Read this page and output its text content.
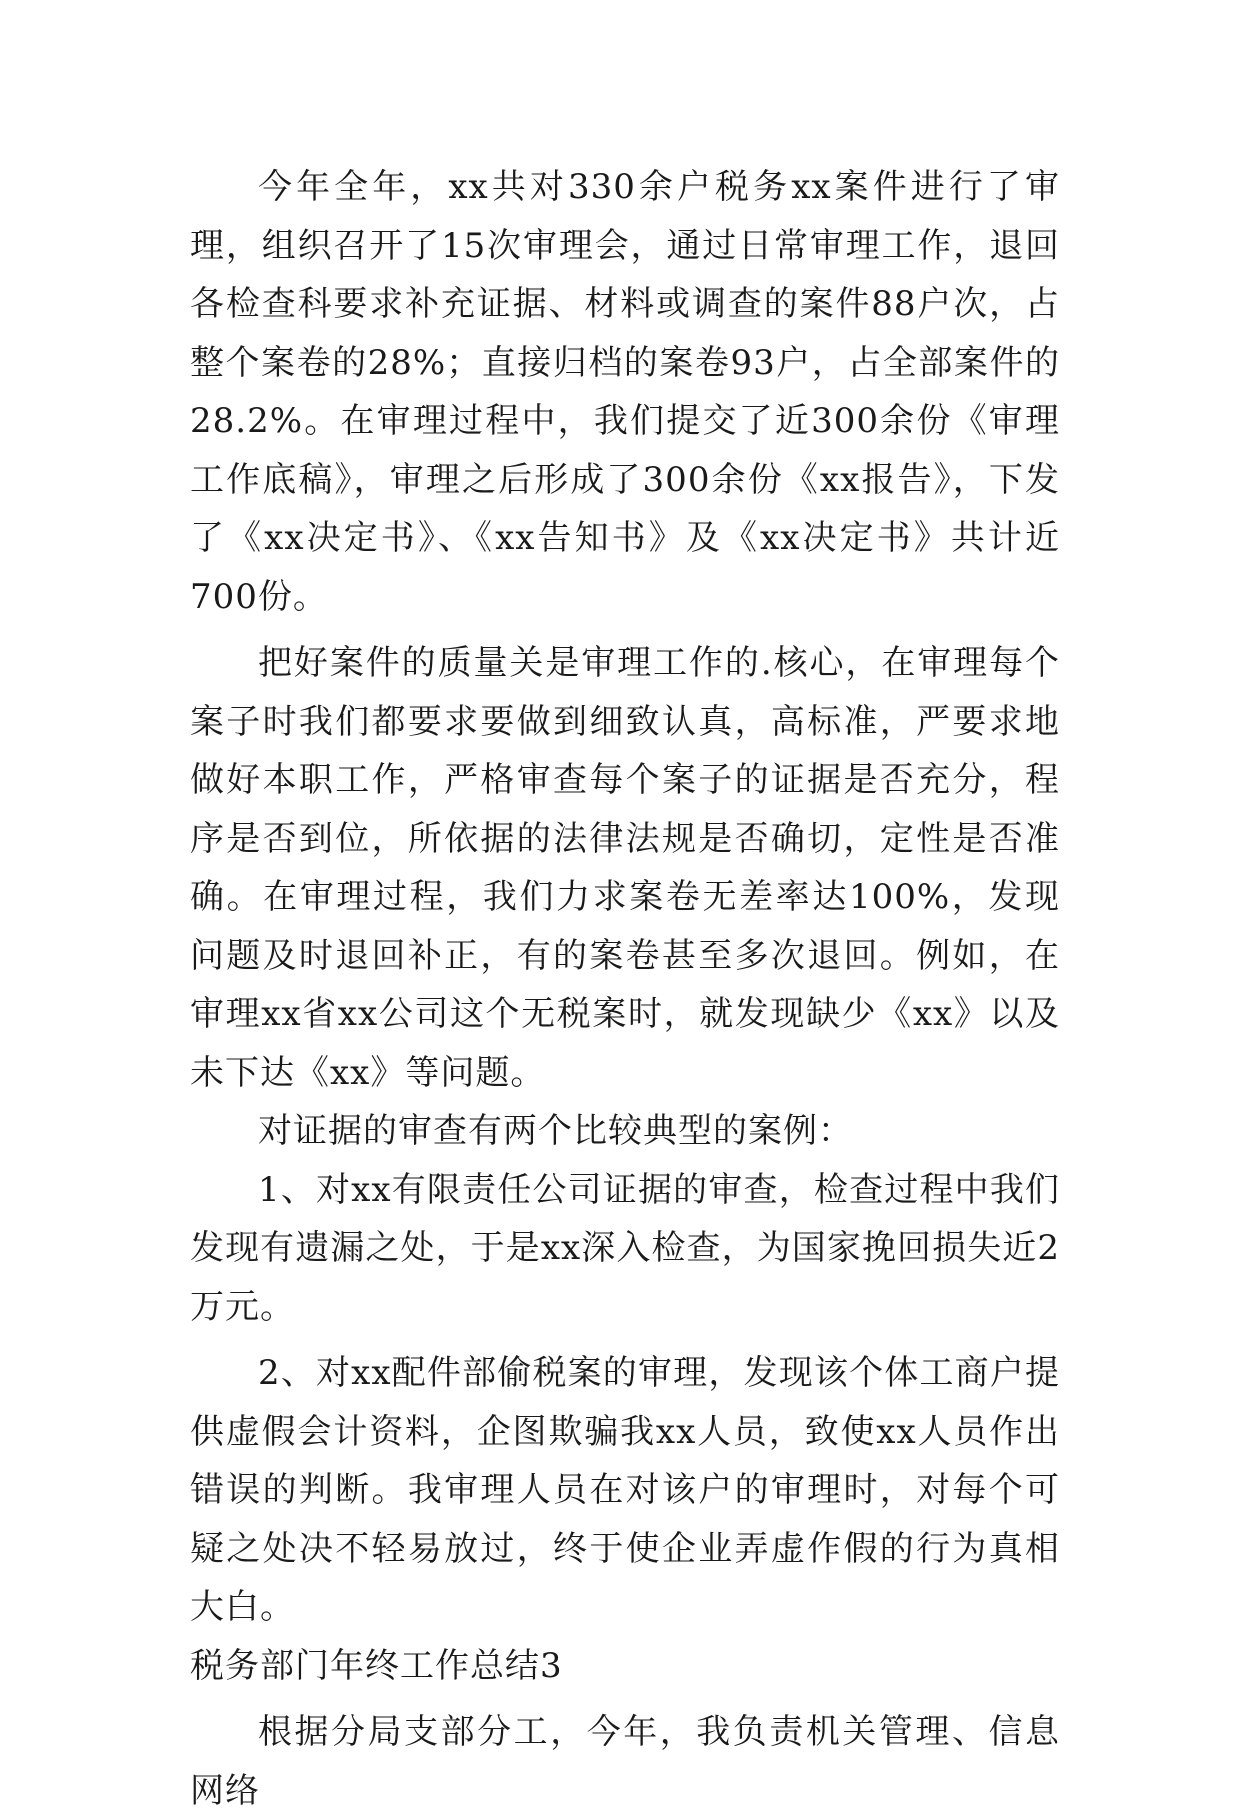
今年全年，xx共对330余户税务xx案件进行了审理，组织召开了15次审理会，通过日常审理工作，退回各检查科要求补充证据、材料或调查的案件88户次，占整个案卷的28%；直接归档的案卷93户，占全部案件的28.2%。在审理过程中，我们提交了近300余份《审理工作底稿》，审理之后形成了300余份《xx报告》，下发了《xx决定书》、《xx告知书》及《xx决定书》共计近700份。

把好案件的质量关是审理工作的.核心，在审理每个案子时我们都要求要做到细致认真，高标准，严要求地做好本职工作，严格审查每个案子的证据是否充分，程序是否到位，所依据的法律法规是否确切，定性是否准确。在审理过程，我们力求案卷无差率达100%，发现问题及时退回补正，有的案卷甚至多次退回。例如，在审理xx省xx公司这个无税案时，就发现缺少《xx》以及未下达《xx》等问题。

对证据的审查有两个比较典型的案例：

1、对xx有限责任公司证据的审查，检查过程中我们发现有遗漏之处，于是xx深入检查，为国家挽回损失近2万元。

2、对xx配件部偷税案的审理，发现该个体工商户提供虚假会计资料，企图欺骗我xx人员，致使xx人员作出错误的判断。我审理人员在对该户的审理时，对每个可疑之处决不轻易放过，终于使企业弄虚作假的行为真相大白。

税务部门年终工作总结3

根据分局支部分工，今年，我负责机关管理、信息网络
